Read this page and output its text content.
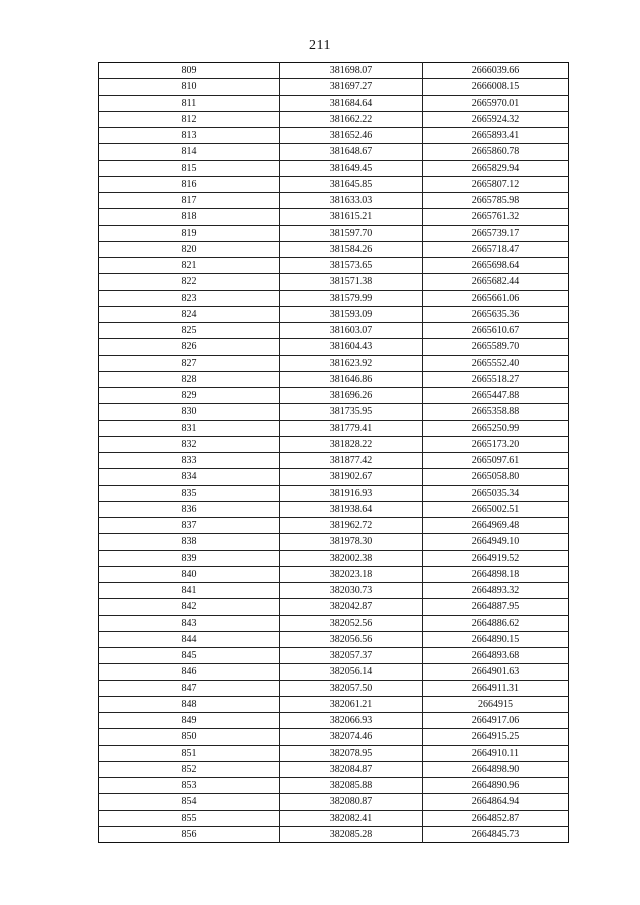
211
809	381698.07	2666039.66
810	381697.27	2666008.15
811	381684.64	2665970.01
812	381662.22	2665924.32
813	381652.46	2665893.41
814	381648.67	2665860.78
815	381649.45	2665829.94
816	381645.85	2665807.12
817	381633.03	2665785.98
818	381615.21	2665761.32
819	381597.70	2665739.17
820	381584.26	2665718.47
821	381573.65	2665698.64
822	381571.38	2665682.44
823	381579.99	2665661.06
824	381593.09	2665635.36
825	381603.07	2665610.67
826	381604.43	2665589.70
827	381623.92	2665552.40
828	381646.86	2665518.27
829	381696.26	2665447.88
830	381735.95	2665358.88
831	381779.41	2665250.99
832	381828.22	2665173.20
833	381877.42	2665097.61
834	381902.67	2665058.80
835	381916.93	2665035.34
836	381938.64	2665002.51
837	381962.72	2664969.48
838	381978.30	2664949.10
839	382002.38	2664919.52
840	382023.18	2664898.18
841	382030.73	2664893.32
842	382042.87	2664887.95
843	382052.56	2664886.62
844	382056.56	2664890.15
845	382057.37	2664893.68
846	382056.14	2664901.63
847	382057.50	2664911.31
848	382061.21	2664915
849	382066.93	2664917.06
850	382074.46	2664915.25
851	382078.95	2664910.11
852	382084.87	2664898.90
853	382085.88	2664890.96
854	382080.87	2664864.94
855	382082.41	2664852.87
856	382085.28	2664845.73
